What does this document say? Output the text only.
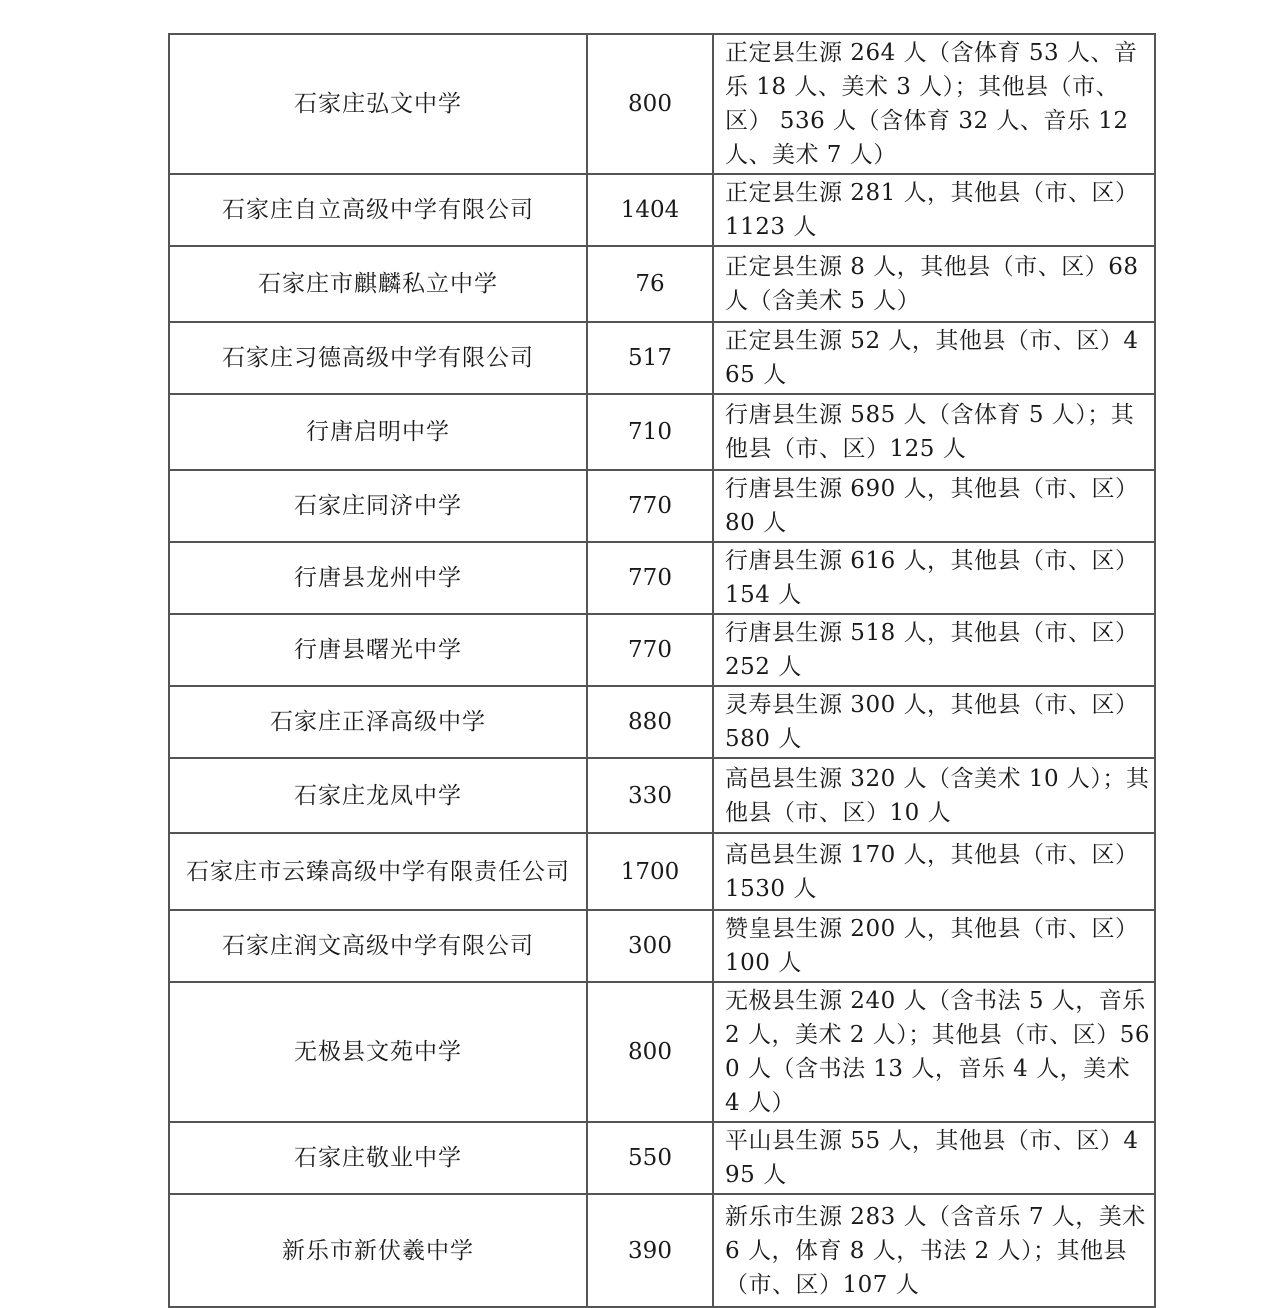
石家庄弘文中学	800	正定县生源 264 人（含体育 53 人、音乐 18 人、美术 3 人）；其他县（市、区） 536 人（含体育 32 人、音乐 12 人、美术 7 人）
石家庄自立高级中学有限公司	1404	正定县生源 281 人，其他县（市、区）1123 人
石家庄市麒麟私立中学	76	正定县生源 8 人，其他县（市、区）68 人（含美术 5 人）
石家庄习德高级中学有限公司	517	正定县生源 52 人，其他县（市、区）465 人
行唐启明中学	710	行唐县生源 585 人（含体育 5 人）；其他县（市、区）125 人
石家庄同济中学	770	行唐县生源 690 人，其他县（市、区）80 人
行唐县龙州中学	770	行唐县生源 616 人，其他县（市、区）154 人
行唐县曙光中学	770	行唐县生源 518 人，其他县（市、区）252 人
石家庄正泽高级中学	880	灵寿县生源 300 人，其他县（市、区）580 人
石家庄龙凤中学	330	高邑县生源 320 人（含美术 10 人）；其他县（市、区）10 人
石家庄市云臻高级中学有限责任公司	1700	高邑县生源 170 人，其他县（市、区）1530 人
石家庄润文高级中学有限公司	300	赞皇县生源 200 人，其他县（市、区）100 人
无极县文苑中学	800	无极县生源 240 人（含书法 5 人，音乐 2 人，美术 2 人）；其他县（市、区）560 人（含书法 13 人，音乐 4 人，美术 4 人）
石家庄敬业中学	550	平山县生源 55 人，其他县（市、区）495 人
新乐市新伏羲中学	390	新乐市生源 283 人（含音乐 7 人，美术 6 人，体育 8 人，书法 2 人）；其他县（市、区）107 人
